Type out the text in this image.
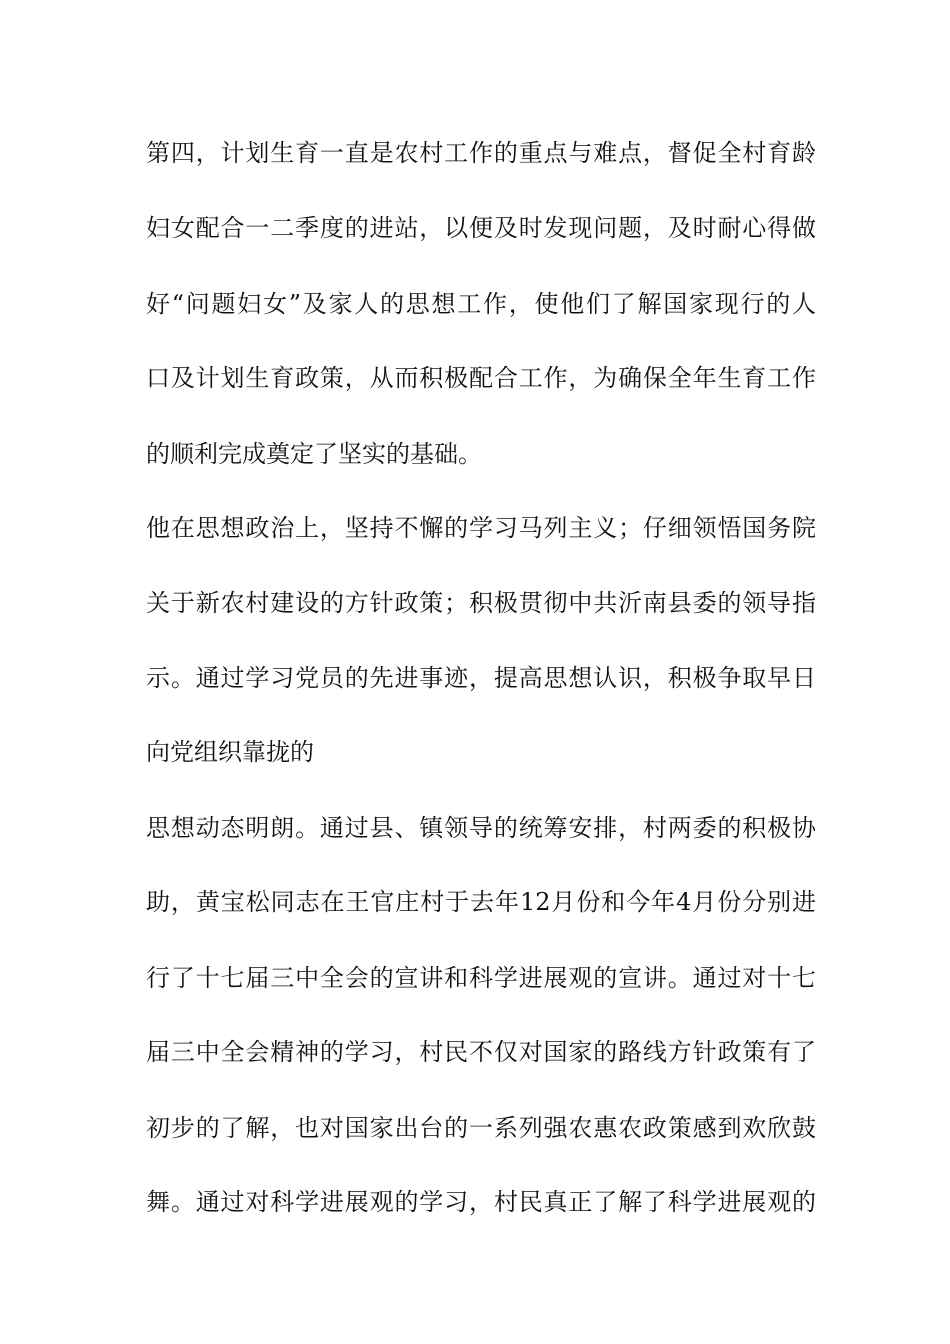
第四，计划生育一直是农村工作的重点与难点，督促全村育龄
妇女配合一二季度的进站，以便及时发现问题，及时耐心得做
好“问题妇女”及家人的思想工作，使他们了解国家现行的人
口及计划生育政策，从而积极配合工作，为确保全年生育工作
的顺利完成奠定了坚实的基础。
他在思想政治上，坚持不懈的学习马列主义；仔细领悟国务院
关于新农村建设的方针政策；积极贯彻中共沂南县委的领导指
示。通过学习党员的先进事迹，提高思想认识，积极争取早日
向党组织靠拢的
思想动态明朗。通过县、镇领导的统筹安排，村两委的积极协
助，黄宝松同志在王官庄村于去年12月份和今年4月份分别进
行了十七届三中全会的宣讲和科学进展观的宣讲。通过对十七
届三中全会精神的学习，村民不仅对国家的路线方针政策有了
初步的了解，也对国家出台的一系列强农惠农政策感到欢欣鼓
舞。通过对科学进展观的学习，村民真正了解了科学进展观的
